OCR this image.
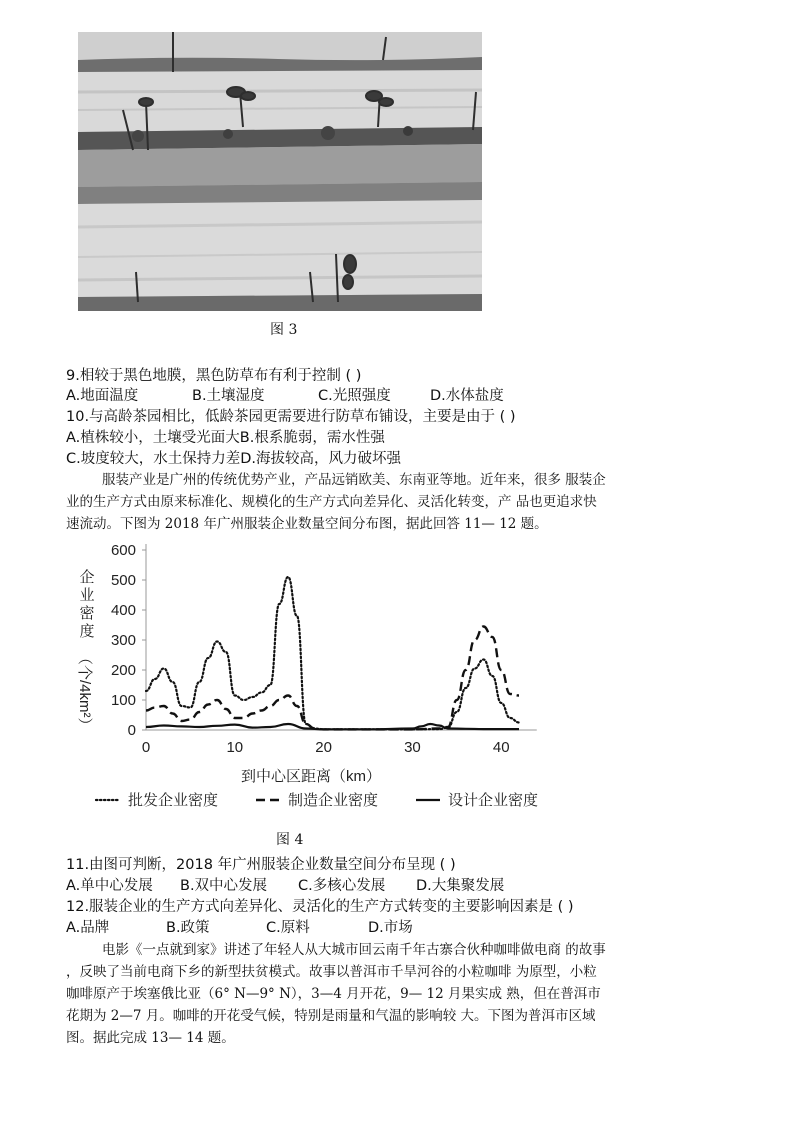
图 3
9.相较于黑色地膜，黑色防草布有利于控制 ( )
A.地面温度	B.土壤湿度	C.光照强度	D.水体盐度
10.与高龄茶园相比，低龄茶园更需要进行防草布铺设，主要是由于 ( )
A.植株较小，土壤受光面大B.根系脆弱，需水性强
C.坡度较大，水土保持力差D.海拔较高，风力破坏强
服装产业是广州的传统优势产业，产品远销欧美、东南亚等地。近年来，很多 服装企
业的生产方式由原来标准化、规模化的生产方式向差异化、灵活化转变，产 品也更追求快
速流动。下图为 2018 年广州服装企业数量空间分布图，据此回答 11— 12 题。
0
100
200
300
400
500
600
0	10	20	30	40
企
业
密
度
（个/4km²）
到中心区距离（km）
批发企业密度	制造企业密度	设计企业密度
图 4
11.由图可判断，2018 年广州服装企业数量空间分布呈现 ( )
A.单中心发展 B.双中心发展 C.多核心发展 D.大集聚发展
12.服装企业的生产方式向差异化、灵活化的生产方式转变的主要影响因素是 ( )
A.品牌	B.政策	C.原料	D.市场
电影《一点就到家》讲述了年轻人从大城市回云南千年古寨合伙种咖啡做电商 的故事
，反映了当前电商下乡的新型扶贫模式。故事以普洱市千旱河谷的小粒咖啡 为原型，小粒
咖啡原产于埃塞俄比亚（6° N—9° N），3—4 月开花，9— 12 月果实成 熟，但在普洱市
花期为 2—7 月。咖啡的开花受气候，特别是雨量和气温的影响较 大。下图为普洱市区域
图。据此完成 13— 14 题。
